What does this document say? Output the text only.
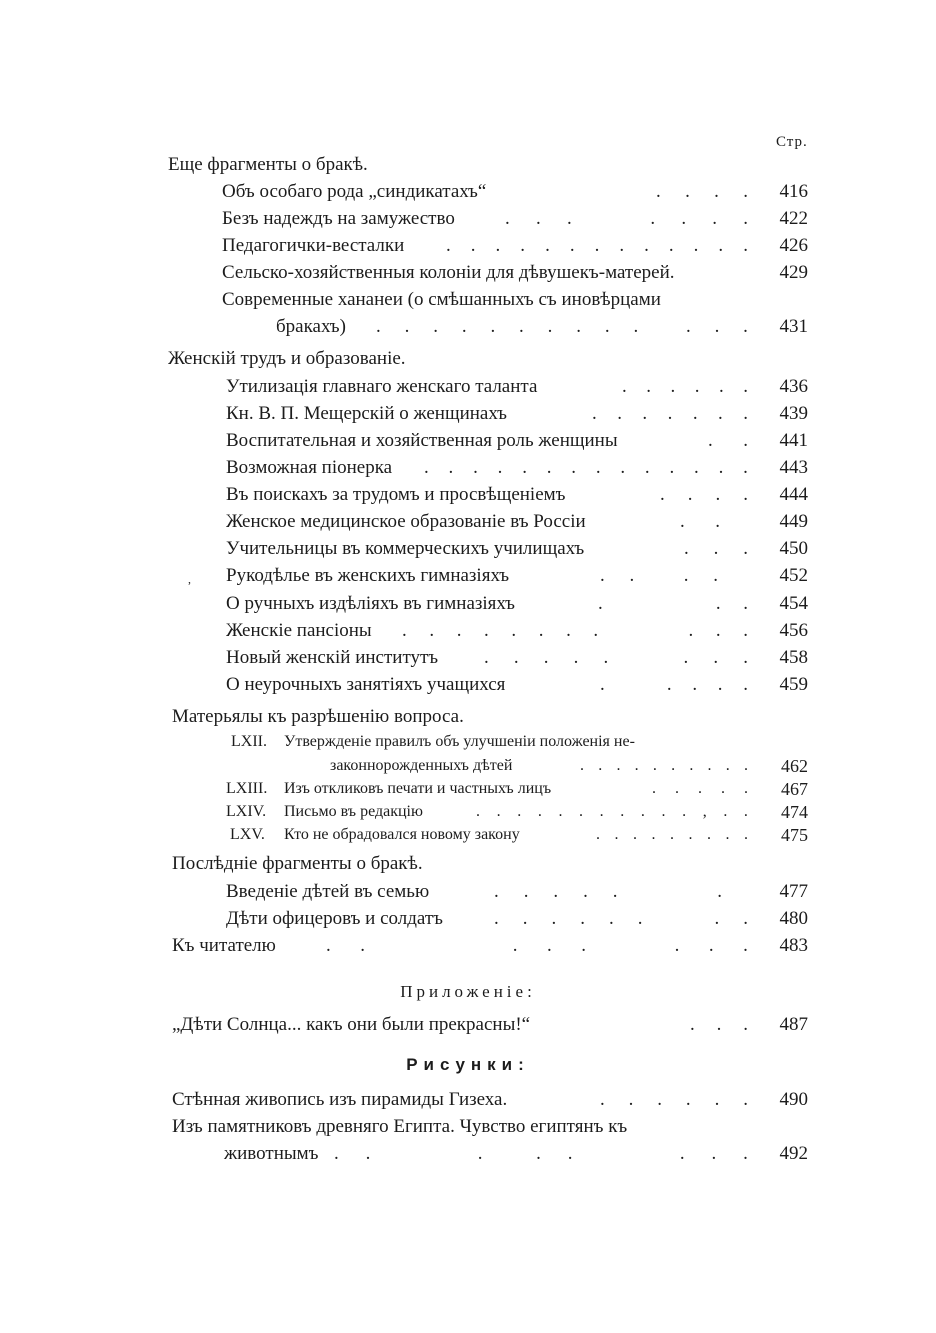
Стр.
Еще фрагменты о бракѣ.
Объ особаго рода „синдикатахъ“	. . . . 416
Безъ надеждъ на замужество	. . .	. . . . 422
Педагогички-весталки . . . . . . . . . . . . . 426
Сельско-хозяйственныя колоніи для дѣвушекъ-матерей.	429
Современные хананеи (о смѣшанныхъ съ иновѣрцами
бракахъ) . . . . . . . . . .	. . . 431
Женскій трудъ и образованіе.
Утилизація главнаго женскаго таланта	. . . . . . 436
Кн. В. П. Мещерскій о женщинахъ	. . . . . . . 439
Воспитательная и хозяйственная роль женщины	. . 441
Возможная піонерка . . . . . . . . . . . . . . 443
Въ поискахъ за трудомъ и просвѣщеніемъ	. . . . 444
Женское медицинское образованіе въ Россіи	. .	449
Учительницы въ коммерческихъ училищахъ	. . . 450
, Рукодѣлье въ женскихъ гимназіяхъ	. .	. .	452
О ручныхъ издѣліяхъ въ гимназіяхъ	.	. . 454
Женскіе пансіоны . . . . . . . .	. . . 456
Новый женскій институтъ . . . . .	. . . 458
О неурочныхъ занятіяхъ учащихся	.	. . . . 459
Матерьялы къ разрѣшенію вопроса.
LXII. Утвержденіе правилъ объ улучшеніи положенія не-
законнорожденныхъ дѣтей	. . . . . . . . . . 462
LXIII. Изъ откликовъ печати и частныхъ лицъ	. . . . . 467
LXIV. Письмо въ редакцію	. . . . . . . . . . . , . . 474
LXV. Кто не обрадовался новому закону	. . . . . . . . . 475
Послѣдніе фрагменты о бракѣ.
Введеніе дѣтей въ семью	. . . . .	.	477
Дѣти офицеровъ и солдатъ	. . . . . .	. . 480
Къ читателю	. .	. . .	. . . 483
Приложеніе:
„Дѣти Солнца... какъ они были прекрасны!“	. . . 487
Рисунки:
Стѣнная живопись изъ пирамиды Гизеха.	. . . . . . 490
Изъ памятниковъ древняго Египта. Чувство египтянъ къ
животнымъ . .	.	. .	. . . 492
